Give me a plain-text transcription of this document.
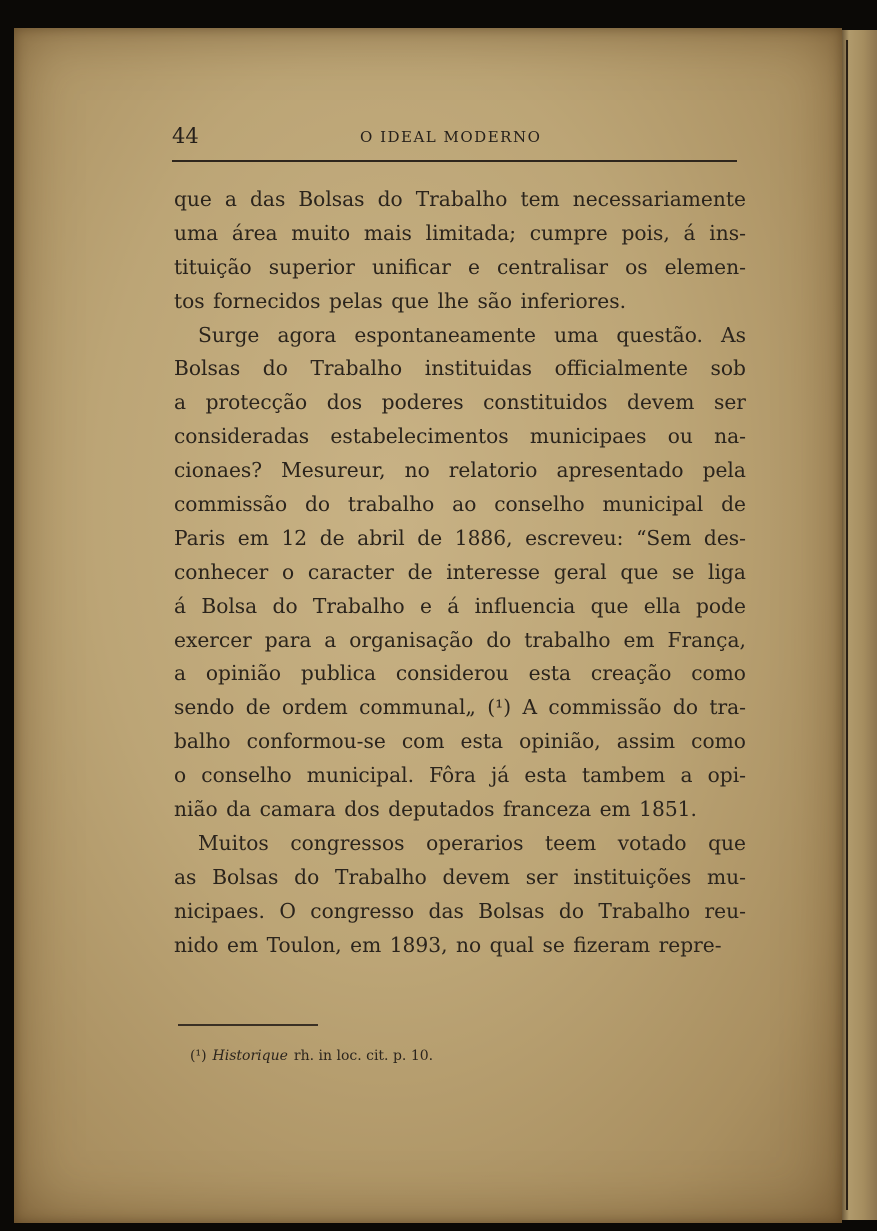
44	O IDEAL MODERNO
que a das Bolsas do Trabalho tem necessariamente
uma área muito mais limitada; cumpre pois, á ins-
tituição superior unificar e centralisar os elemen-
tos fornecidos pelas que lhe são inferiores.
Surge agora espontaneamente uma questão. As
Bolsas do Trabalho instituidas officialmente sob
a protecção dos poderes constituidos devem ser
consideradas estabelecimentos municipaes ou na-
cionaes? Mesureur, no relatorio apresentado pela
commissão do trabalho ao conselho municipal de
Paris em 12 de abril de 1886, escreveu: “Sem des-
conhecer o caracter de interesse geral que se liga
á Bolsa do Trabalho e á influencia que ella pode
exercer para a organisação do trabalho em França,
a opinião publica considerou esta creação como
sendo de ordem communal„ (¹) A commissão do tra-
balho conformou-se com esta opinião, assim como
o conselho municipal. Fôra já esta tambem a opi-
nião da camara dos deputados franceza em 1851.
Muitos congressos operarios teem votado que
as Bolsas do Trabalho devem ser instituições mu-
nicipaes. O congresso das Bolsas do Trabalho reu-
nido em Toulon, em 1893, no qual se fizeram repre-
(¹) Historique rh. in loc. cit. p. 10.
